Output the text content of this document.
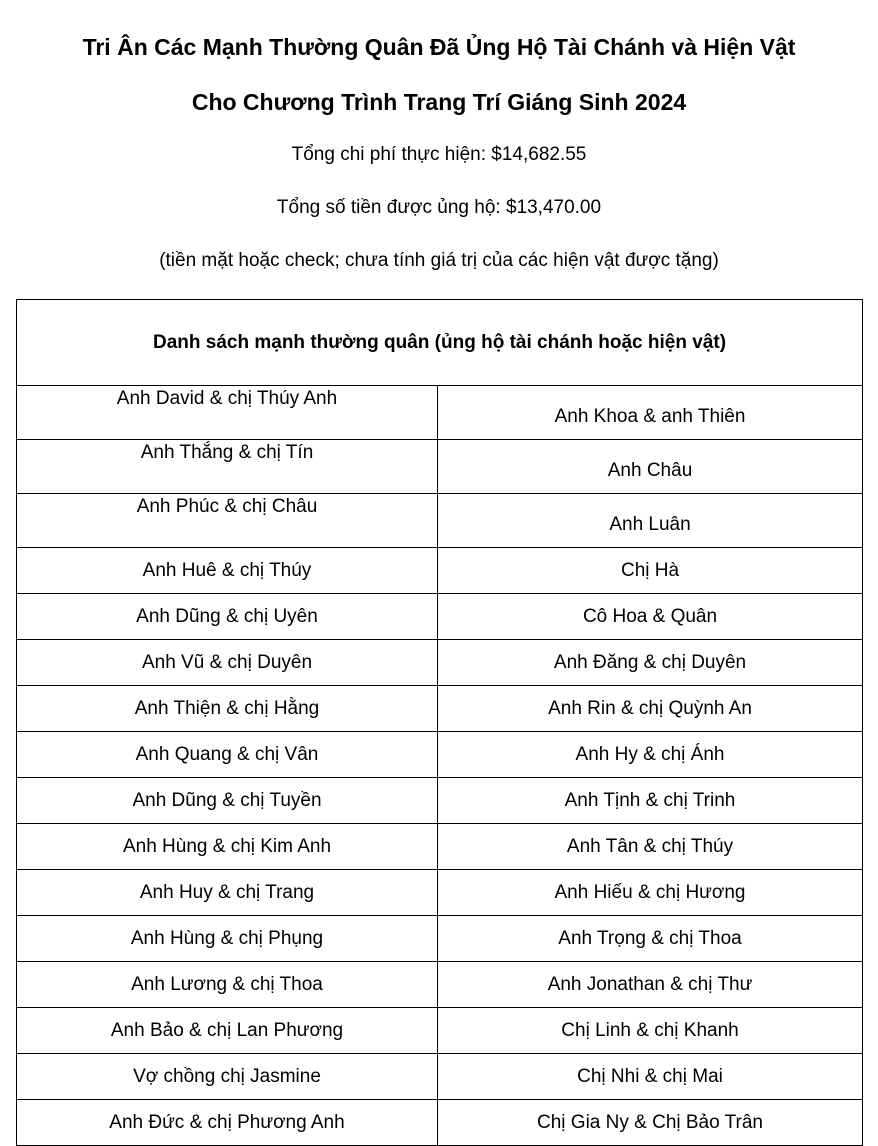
Tri Ân Các Mạnh Thường Quân Đã Ủng Hộ Tài Chánh và Hiện Vật
Cho Chương Trình Trang Trí Giáng Sinh 2024
Tổng chi phí thực hiện: $14,682.55
Tổng số tiền được ủng hộ: $13,470.00
(tiền mặt hoặc check; chưa tính giá trị của các hiện vật được tặng)
Danh sách mạnh thường quân (ủng hộ tài chánh hoặc hiện vật)	
Anh David & chị Thúy Anh	Anh Khoa & anh Thiên
Anh Thắng & chị Tín	Anh Châu
Anh Phúc & chị Châu	Anh Luân
Anh Huê & chị Thúy	Chị Hà
Anh Dũng & chị Uyên	Cô Hoa & Quân
Anh Vũ & chị Duyên	Anh Đăng & chị Duyên
Anh Thiện & chị Hằng	Anh Rin & chị Quỳnh An
Anh Quang & chị Vân	Anh Hy & chị Ánh
Anh Dũng & chị Tuyền	Anh Tịnh & chị Trinh
Anh Hùng & chị Kim Anh	Anh Tân & chị Thúy
Anh Huy & chị Trang	Anh Hiếu & chị Hương
Anh Hùng & chị Phụng	Anh Trọng & chị Thoa
Anh Lương & chị Thoa	Anh Jonathan & chị Thư
Anh Bảo & chị Lan Phương	Chị Linh & chị Khanh
Vợ chồng chị Jasmine	Chị Nhi & chị Mai
Anh Đức & chị Phương Anh	Chị Gia Ny & Chị Bảo Trân
